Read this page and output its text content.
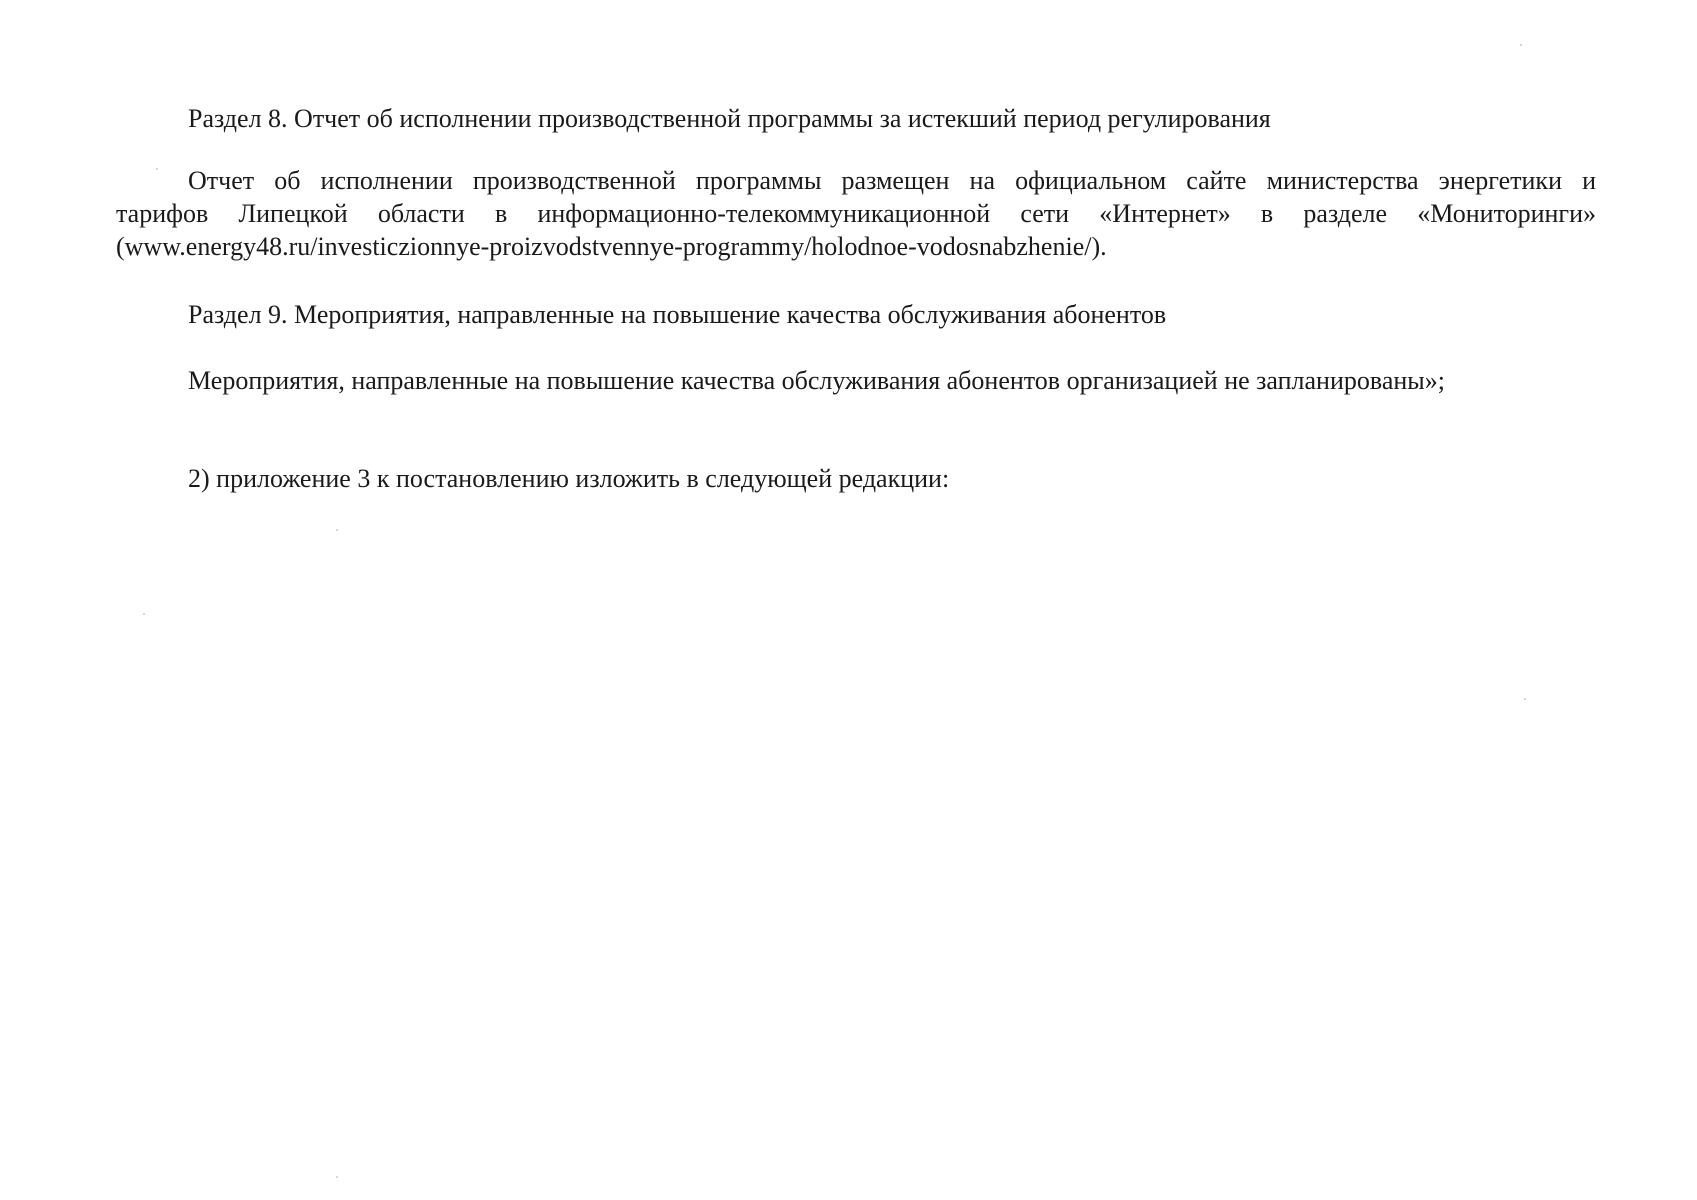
Раздел 8. Отчет об исполнении производственной программы за истекший период регулирования
Отчет об исполнении производственной программы размещен на официальном сайте министерства энергетики и
тарифов Липецкой области в информационно-телекоммуникационной сети «Интернет» в разделе «Мониторинги»
(www.energy48.ru/investiczionnye-proizvodstvennye-programmy/holodnoe-vodosnabzhenie/).
Раздел 9. Мероприятия, направленные на повышение качества обслуживания абонентов
Мероприятия, направленные на повышение качества обслуживания абонентов организацией не запланированы»;
2) приложение 3 к постановлению изложить в следующей редакции:
